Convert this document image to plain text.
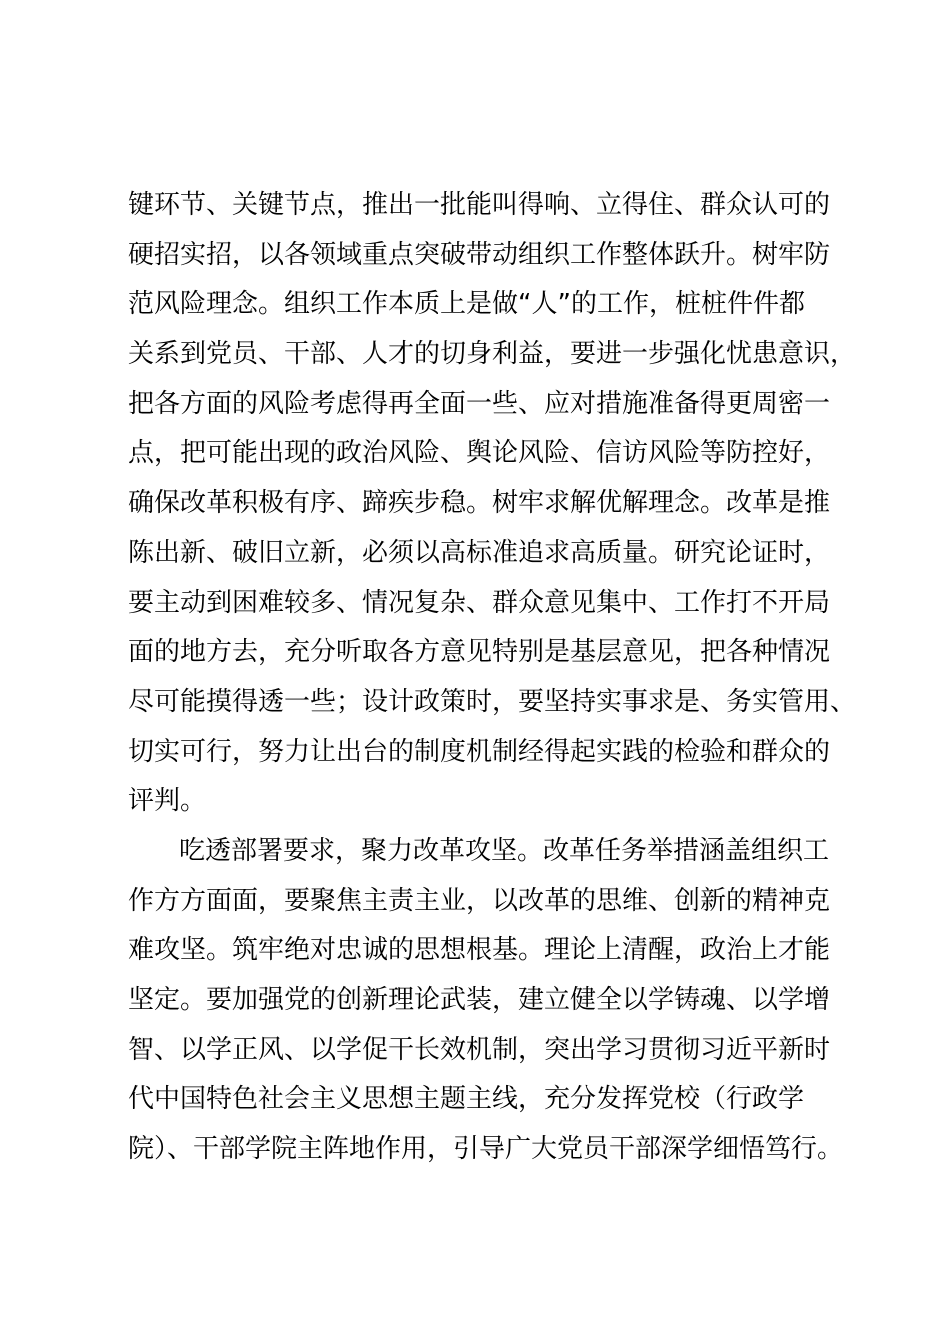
键环节、关键节点，推出一批能叫得响、立得住、群众认可的
硬招实招，以各领域重点突破带动组织工作整体跃升。树牢防
范风险理念。组织工作本质上是做“人”的工作，桩桩件件都
关系到党员、干部、人才的切身利益，要进一步强化忧患意识，
把各方面的风险考虑得再全面一些、应对措施准备得更周密一
点，把可能出现的政治风险、舆论风险、信访风险等防控好，
确保改革积极有序、蹄疾步稳。树牢求解优解理念。改革是推
陈出新、破旧立新，必须以高标准追求高质量。研究论证时，
要主动到困难较多、情况复杂、群众意见集中、工作打不开局
面的地方去，充分听取各方意见特别是基层意见，把各种情况
尽可能摸得透一些；设计政策时，要坚持实事求是、务实管用、
切实可行，努力让出台的制度机制经得起实践的检验和群众的
评判。
吃透部署要求，聚力改革攻坚。改革任务举措涵盖组织工
作方方面面，要聚焦主责主业，以改革的思维、创新的精神克
难攻坚。筑牢绝对忠诚的思想根基。理论上清醒，政治上才能
坚定。要加强党的创新理论武装，建立健全以学铸魂、以学增
智、以学正风、以学促干长效机制，突出学习贯彻习近平新时
代中国特色社会主义思想主题主线，充分发挥党校（行政学
院）、干部学院主阵地作用，引导广大党员干部深学细悟笃行。
